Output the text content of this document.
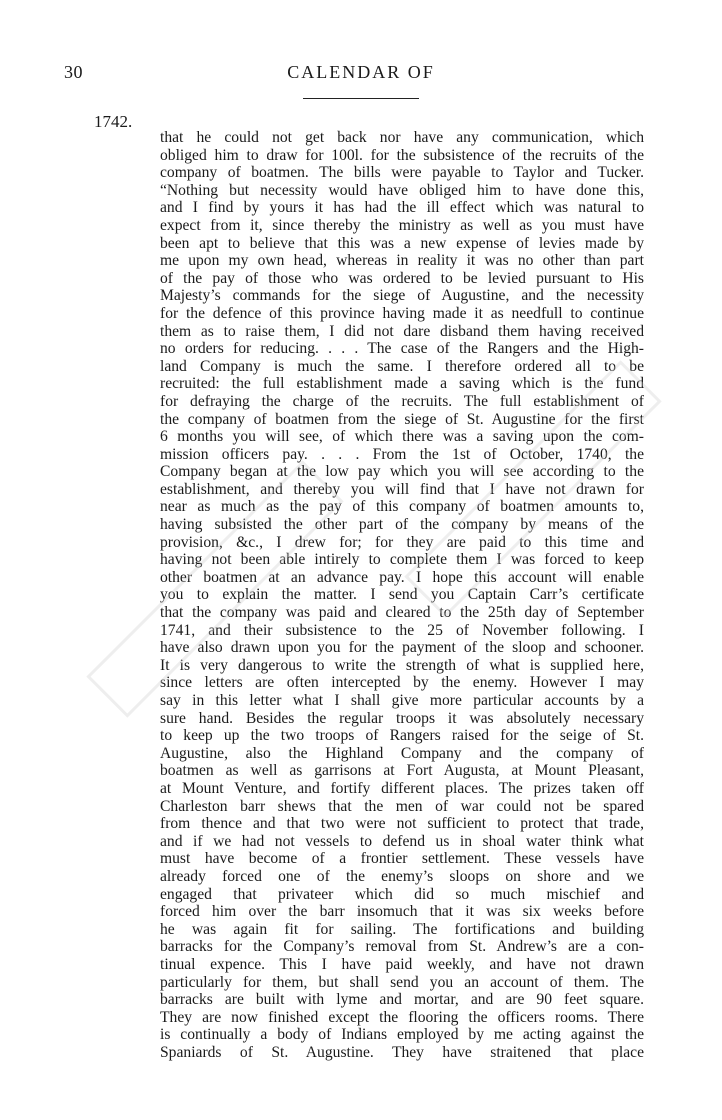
30	CALENDAR OF
1742.
that he could not get back nor have any communication, which
obliged him to draw for 100l. for the subsistence of the recruits of the
company of boatmen. The bills were payable to Taylor and Tucker.
“Nothing but necessity would have obliged him to have done this,
and I find by yours it has had the ill effect which was natural to
expect from it, since thereby the ministry as well as you must have
been apt to believe that this was a new expense of levies made by
me upon my own head, whereas in reality it was no other than part
of the pay of those who was ordered to be levied pursuant to His
Majesty’s commands for the siege of Augustine, and the necessity
for the defence of this province having made it as needfull to continue
them as to raise them, I did not dare disband them having received
no orders for reducing. . . . The case of the Rangers and the High-
land Company is much the same. I therefore ordered all to be
recruited: the full establishment made a saving which is the fund
for defraying the charge of the recruits. The full establishment of
the company of boatmen from the siege of St. Augustine for the first
6 months you will see, of which there was a saving upon the com-
mission officers pay. . . . From the 1st of October, 1740, the
Company began at the low pay which you will see according to the
establishment, and thereby you will find that I have not drawn for
near as much as the pay of this company of boatmen amounts to,
having subsisted the other part of the company by means of the
provision, &c., I drew for; for they are paid to this time and
having not been able intirely to complete them I was forced to keep
other boatmen at an advance pay. I hope this account will enable
you to explain the matter. I send you Captain Carr’s certificate
that the company was paid and cleared to the 25th day of September
1741, and their subsistence to the 25 of November following. I
have also drawn upon you for the payment of the sloop and schooner.
It is very dangerous to write the strength of what is supplied here,
since letters are often intercepted by the enemy. However I may
say in this letter what I shall give more particular accounts by a
sure hand. Besides the regular troops it was absolutely necessary
to keep up the two troops of Rangers raised for the seige of St.
Augustine, also the Highland Company and the company of
boatmen as well as garrisons at Fort Augusta, at Mount Pleasant,
at Mount Venture, and fortify different places. The prizes taken off
Charleston barr shews that the men of war could not be spared
from thence and that two were not sufficient to protect that trade,
and if we had not vessels to defend us in shoal water think what
must have become of a frontier settlement. These vessels have
already forced one of the enemy’s sloops on shore and we
engaged that privateer which did so much mischief and
forced him over the barr insomuch that it was six weeks before
he was again fit for sailing. The fortifications and building
barracks for the Company’s removal from St. Andrew’s are a con-
tinual expence. This I have paid weekly, and have not drawn
particularly for them, but shall send you an account of them. The
barracks are built with lyme and mortar, and are 90 feet square.
They are now finished except the flooring the officers rooms. There
is continually a body of Indians employed by me acting against the
Spaniards of St. Augustine. They have straitened that place
